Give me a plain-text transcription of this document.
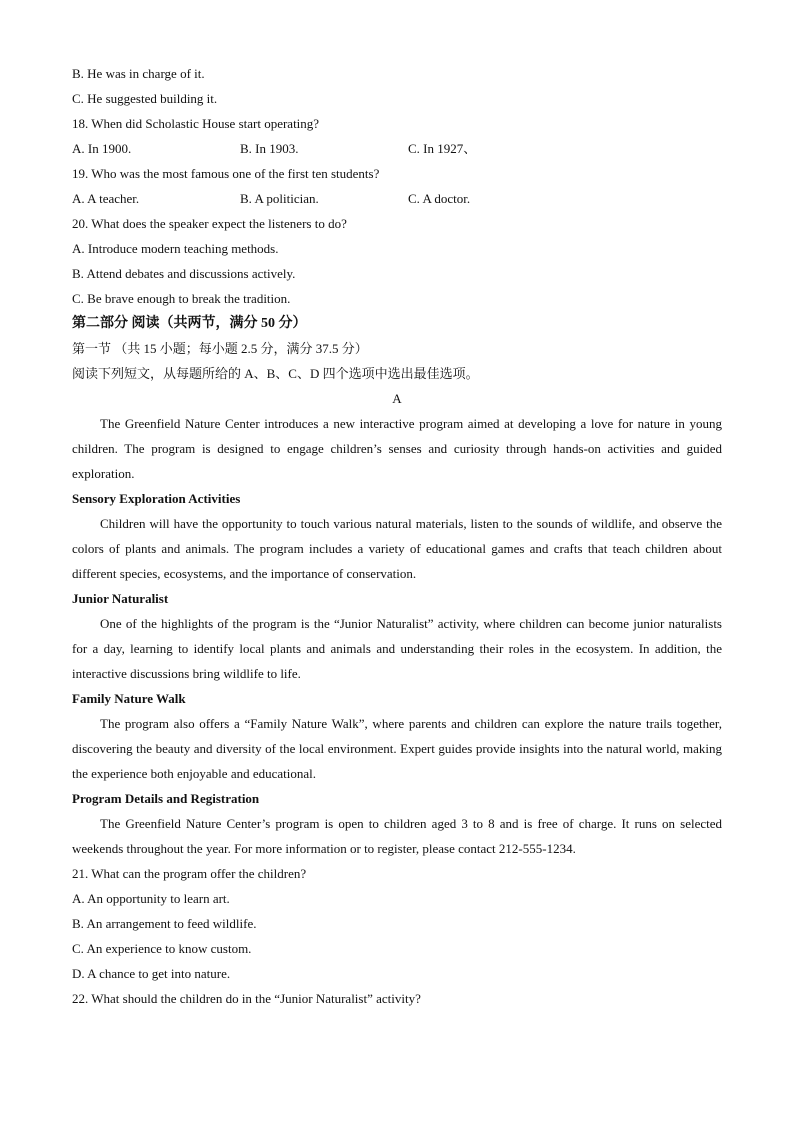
B. He was in charge of it.
C. He suggested building it.
18. When did Scholastic House start operating?
A. In 1900.	B. In 1903.	C. In 1927、
19. Who was the most famous one of the first ten students?
A. A teacher.	B. A politician.	C. A doctor.
20. What does the speaker expect the listeners to do?
A. Introduce modern teaching methods.
B. Attend debates and discussions actively.
C. Be brave enough to break the tradition.
第二部分 阅读（共两节，满分 50 分）
第一节 （共 15 小题；每小题 2.5 分，满分 37.5 分）
阅读下列短文，从每题所给的 A、B、C、D 四个选项中选出最佳选项。
A
The Greenfield Nature Center introduces a new interactive program aimed at developing a love for nature in young children. The program is designed to engage children’s senses and curiosity through hands-on activities and guided exploration.
Sensory Exploration Activities
Children will have the opportunity to touch various natural materials, listen to the sounds of wildlife, and observe the colors of plants and animals. The program includes a variety of educational games and crafts that teach children about different species, ecosystems, and the importance of conservation.
Junior Naturalist
One of the highlights of the program is the “Junior Naturalist” activity, where children can become junior naturalists for a day, learning to identify local plants and animals and understanding their roles in the ecosystem. In addition, the interactive discussions bring wildlife to life.
Family Nature Walk
The program also offers a “Family Nature Walk”, where parents and children can explore the nature trails together, discovering the beauty and diversity of the local environment. Expert guides provide insights into the natural world, making the experience both enjoyable and educational.
Program Details and Registration
The Greenfield Nature Center’s program is open to children aged 3 to 8 and is free of charge. It runs on selected weekends throughout the year. For more information or to register, please contact 212-555-1234.
21. What can the program offer the children?
A. An opportunity to learn art.
B. An arrangement to feed wildlife.
C. An experience to know custom.
D. A chance to get into nature.
22. What should the children do in the “Junior Naturalist” activity?
